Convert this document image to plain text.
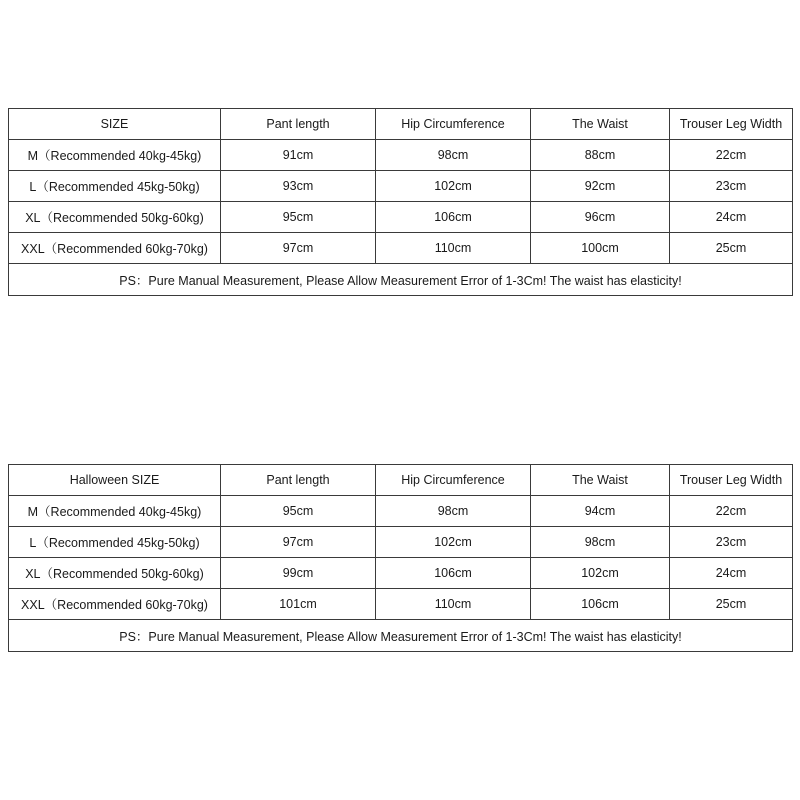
SIZE	Pant length	Hip Circumference	The Waist	Trouser Leg Width
M（Recommended 40kg-45kg)	91cm	98cm	88cm	22cm
L（Recommended 45kg-50kg)	93cm	102cm	92cm	23cm
XL（Recommended 50kg-60kg)	95cm	106cm	96cm	24cm
XXL（Recommended 60kg-70kg)	97cm	110cm	100cm	25cm
PS：Pure Manual Measurement, Please Allow Measurement Error of 1-3Cm! The waist has elasticity!				
Halloween SIZE	Pant length	Hip Circumference	The Waist	Trouser Leg Width
M（Recommended 40kg-45kg)	95cm	98cm	94cm	22cm
L（Recommended 45kg-50kg)	97cm	102cm	98cm	23cm
XL（Recommended 50kg-60kg)	99cm	106cm	102cm	24cm
XXL（Recommended 60kg-70kg)	101cm	110cm	106cm	25cm
PS：Pure Manual Measurement, Please Allow Measurement Error of 1-3Cm! The waist has elasticity!				
